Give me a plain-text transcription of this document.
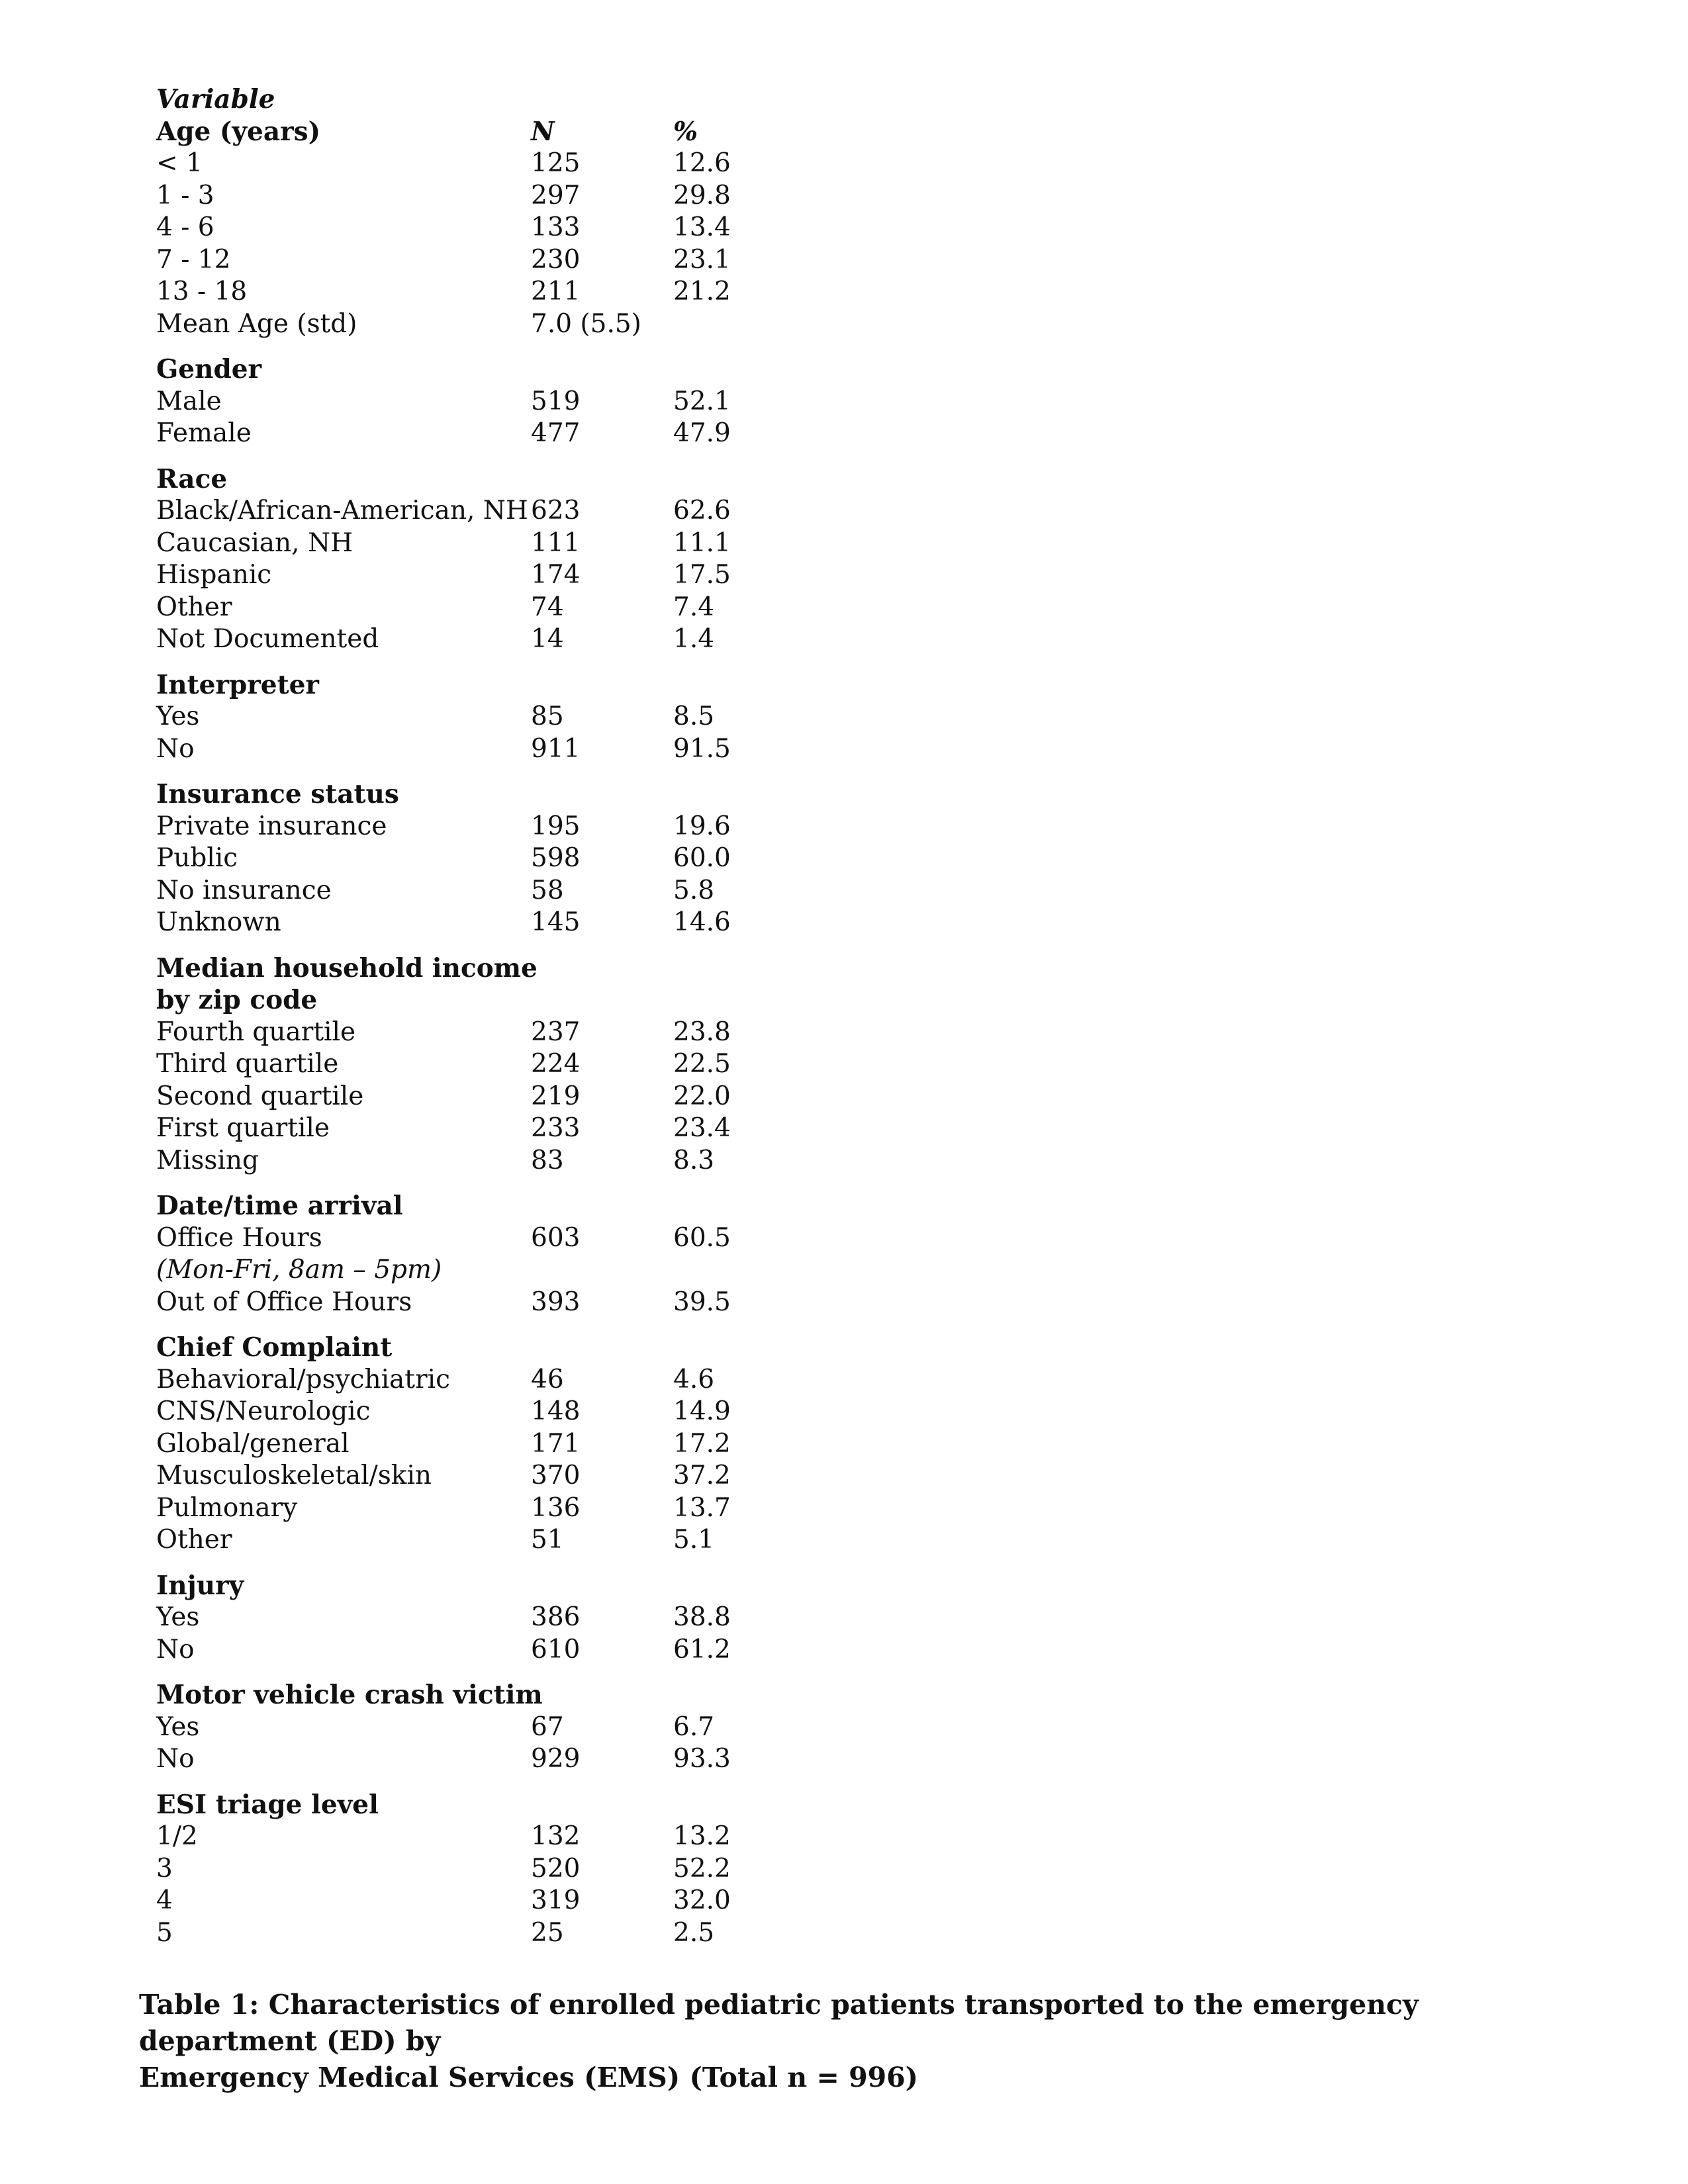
Variable
Age (years)	N	%
< 1	125	12.6
1 - 3	297	29.8
4 - 6	133	13.4
7 - 12	230	23.1
13 - 18	211	21.2
Mean Age (std)	7.0 (5.5)
Gender
Male	519	52.1
Female	477	47.9
Race
Black/African-American, NH 623	62.6
Caucasian, NH	111	11.1
Hispanic	174	17.5
Other	74	7.4
Not Documented	14	1.4
Interpreter
Yes	85	8.5
No	911	91.5
Insurance status
Private insurance	195	19.6
Public	598	60.0
No insurance	58	5.8
Unknown	145	14.6
Median household income
by zip code
Fourth quartile	237	23.8
Third quartile	224	22.5
Second quartile	219	22.0
First quartile	233	23.4
Missing	83	8.3
Date/time arrival
Office Hours	603	60.5
(Mon-Fri, 8am – 5pm)
Out of Office Hours	393	39.5
Chief Complaint
Behavioral/psychiatric	46	4.6
CNS/Neurologic	148	14.9
Global/general	171	17.2
Musculoskeletal/skin	370	37.2
Pulmonary	136	13.7
Other	51	5.1
Injury
Yes	386	38.8
No	610	61.2
Motor vehicle crash victim
Yes	67	6.7
No	929	93.3
ESI triage level
1/2	132	13.2
3	520	52.2
4	319	32.0
5	25	2.5
Table 1: Characteristics of enrolled pediatric patients transported to the emergency department (ED) by
Emergency Medical Services (EMS) (Total n = 996)
